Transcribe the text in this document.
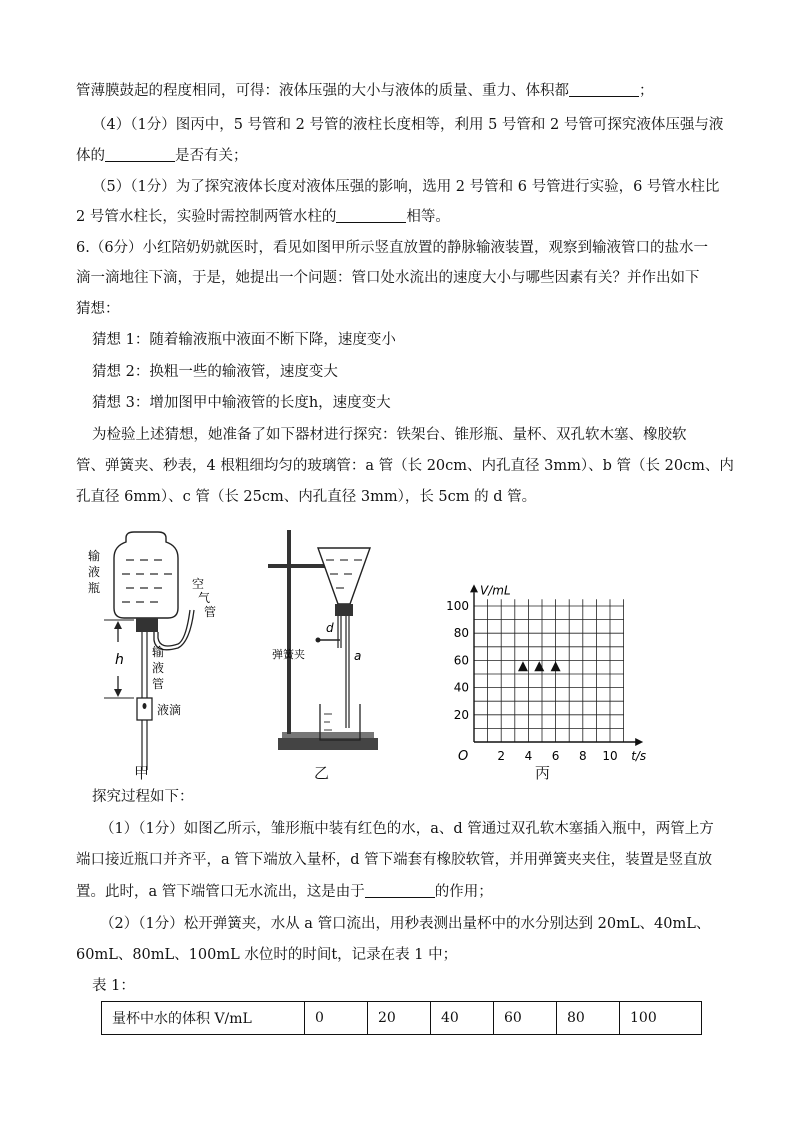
管薄膜鼓起的程度相同，可得：液体压强的大小与液体的质量、重力、体积都	；
（4）（1分）图丙中，5 号管和 2 号管的液柱长度相等，利用 5 号管和 2 号管可探究液体压强与液
体的	是否有关；
（5）（1分）为了探究液体长度对液体压强的影响，选用 2 号管和 6 号管进行实验，6 号管水柱比
2 号管水柱长，实验时需控制两管水柱的	相等。
6.（6分）小红陪奶奶就医时，看见如图甲所示竖直放置的静脉输液装置，观察到输液管口的盐水一
滴一滴地往下滴，于是，她提出一个问题：管口处水流出的速度大小与哪些因素有关？并作出如下
猜想：
猜想 1：随着输液瓶中液面不断下降，速度变小
猜想 2：换粗一些的输液管，速度变大
猜想 3：增加图甲中输液管的长度h，速度变大
为检验上述猜想，她准备了如下器材进行探究：铁架台、锥形瓶、量杯、双孔软木塞、橡胶软
管、弹簧夹、秒表，4 根粗细均匀的玻璃管：a 管（长 20cm、内孔直径 3mm）、b 管（长 20cm、内
孔直径 6mm）、c 管（长 25cm、内孔直径 3mm），长 5cm 的 d 管。
h
输
液
瓶	空
气
管
输
液
管
液滴
甲
d
a
弹簧夹
乙
V/mL
t/s
O 2 4 6 8 10
20
40
60
80
100
丙
探究过程如下：
（1）（1分）如图乙所示，雏形瓶中装有红色的水，a、d 管通过双孔软木塞插入瓶中，两管上方
端口接近瓶口并齐平，a 管下端放入量杯，d 管下端套有橡胶软管，并用弹簧夹夹住，装置是竖直放
置。此时，a 管下端管口无水流出，这是由于	的作用；
（2）（1分）松开弹簧夹，水从 a 管口流出，用秒表测出量杯中的水分别达到 20mL、40mL、
60mL、80mL、100mL 水位时的时间t，记录在表 1 中；
表 1：
量杯中水的体积 V/mL	0	20	40	60	80	100
